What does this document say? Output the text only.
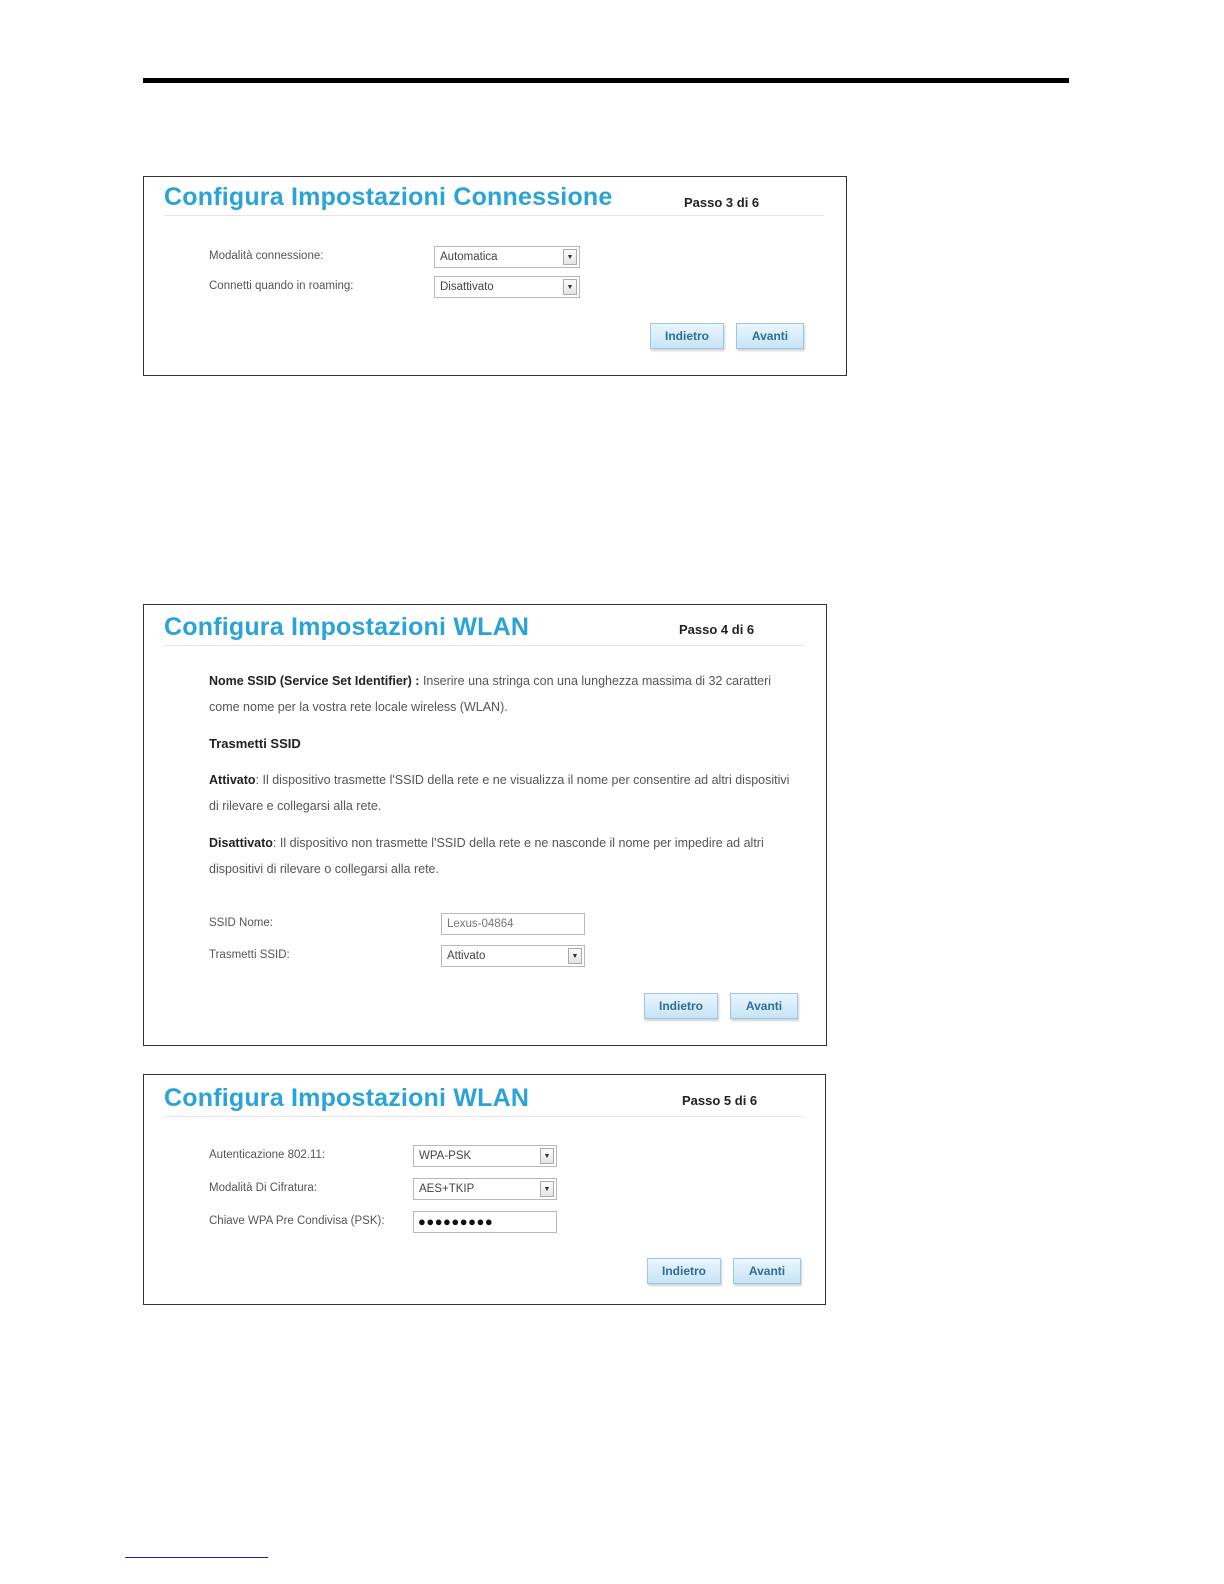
Configura Impostazioni Connessione	Passo 3 di 6
Modalità connessione:	Automatica	▼
Connetti quando in roaming:	Disattivato	▼
Indietro	Avanti
Configura Impostazioni WLAN	Passo 4 di 6
Nome SSID (Service Set Identifier) : Inserire una stringa con una lunghezza massima di 32 caratteri come nome per la vostra rete locale wireless (WLAN).
Trasmetti SSID
Attivato: Il dispositivo trasmette l'SSID della rete e ne visualizza il nome per consentire ad altri dispositivi di rilevare e collegarsi alla rete.
Disattivato: Il dispositivo non trasmette l'SSID della rete e ne nasconde il nome per impedire ad altri dispositivi di rilevare o collegarsi alla rete.
SSID Nome:	Lexus-04864
Trasmetti SSID:	Attivato	▼
Indietro	Avanti
Configura Impostazioni WLAN	Passo 5 di 6
Autenticazione 802.11:	WPA-PSK	▼
Modalità Di Cifratura:	AES+TKIP	▼
Chiave WPA Pre Condivisa (PSK):	●●●●●●●●●
Indietro	Avanti
